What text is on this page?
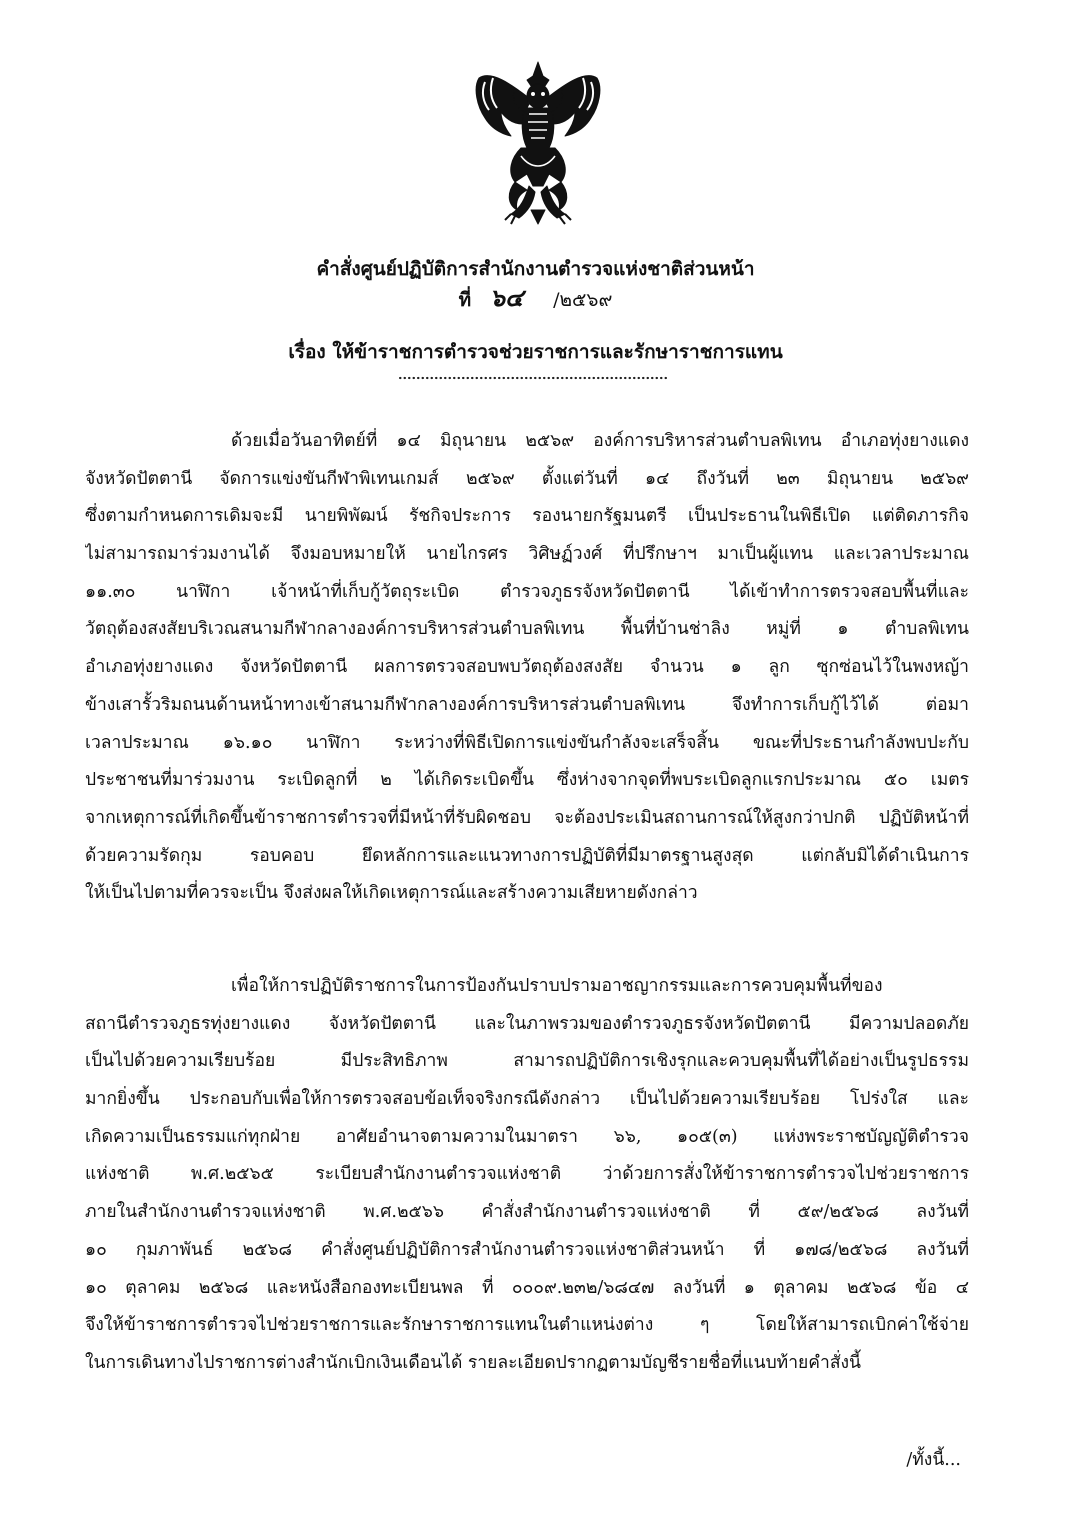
คำสั่งศูนย์ปฏิบัติการสำนักงานตำรวจแห่งชาติส่วนหน้า
ที่ ๖๔ /๒๕๖๙
เรื่อง ให้ข้าราชการตำรวจช่วยราชการและรักษาราชการแทน
ด้วยเมื่อวันอาทิตย์ที่ ๑๔ มิถุนายน ๒๕๖๙ องค์การบริหารส่วนตำบลพิเทน อำเภอทุ่งยางแดง
จังหวัดปัตตานี จัดการแข่งขันกีฬาพิเทนเกมส์ ๒๕๖๙ ตั้งแต่วันที่ ๑๔ ถึงวันที่ ๒๓ มิถุนายน ๒๕๖๙
ซึ่งตามกำหนดการเดิมจะมี นายพิพัฒน์ รัชกิจประการ รองนายกรัฐมนตรี เป็นประธานในพิธีเปิด แต่ติดภารกิจ
ไม่สามารถมาร่วมงานได้ จึงมอบหมายให้ นายไกรศร วิศิษฏ์วงศ์ ที่ปรึกษาฯ มาเป็นผู้แทน และเวลาประมาณ
๑๑.๓๐ นาฬิกา เจ้าหน้าที่เก็บกู้วัตถุระเบิด ตำรวจภูธรจังหวัดปัตตานี ได้เข้าทำการตรวจสอบพื้นที่และ
วัตถุต้องสงสัยบริเวณสนามกีฬากลางองค์การบริหารส่วนตำบลพิเทน พื้นที่บ้านช่าลิง หมู่ที่ ๑ ตำบลพิเทน
อำเภอทุ่งยางแดง จังหวัดปัตตานี ผลการตรวจสอบพบวัตถุต้องสงสัย จำนวน ๑ ลูก ซุกซ่อนไว้ในพงหญ้า
ข้างเสารั้วริมถนนด้านหน้าทางเข้าสนามกีฬากลางองค์การบริหารส่วนตำบลพิเทน จึงทำการเก็บกู้ไว้ได้ ต่อมา
เวลาประมาณ ๑๖.๑๐ นาฬิกา ระหว่างที่พิธีเปิดการแข่งขันกำลังจะเสร็จสิ้น ขณะที่ประธานกำลังพบปะกับ
ประชาชนที่มาร่วมงาน ระเบิดลูกที่ ๒ ได้เกิดระเบิดขึ้น ซึ่งห่างจากจุดที่พบระเบิดลูกแรกประมาณ ๕๐ เมตร
จากเหตุการณ์ที่เกิดขึ้นข้าราชการตำรวจที่มีหน้าที่รับผิดชอบ จะต้องประเมินสถานการณ์ให้สูงกว่าปกติ ปฏิบัติหน้าที่
ด้วยความรัดกุม รอบคอบ ยึดหลักการและแนวทางการปฏิบัติที่มีมาตรฐานสูงสุด แต่กลับมิได้ดำเนินการ
ให้เป็นไปตามที่ควรจะเป็น จึงส่งผลให้เกิดเหตุการณ์และสร้างความเสียหายดังกล่าว
เพื่อให้การปฏิบัติราชการในการป้องกันปราบปรามอาชญากรรมและการควบคุมพื้นที่ของ
สถานีตำรวจภูธรทุ่งยางแดง จังหวัดปัตตานี และในภาพรวมของตำรวจภูธรจังหวัดปัตตานี มีความปลอดภัย
เป็นไปด้วยความเรียบร้อย มีประสิทธิภาพ สามารถปฏิบัติการเชิงรุกและควบคุมพื้นที่ได้อย่างเป็นรูปธรรม
มากยิ่งขึ้น ประกอบกับเพื่อให้การตรวจสอบข้อเท็จจริงกรณีดังกล่าว เป็นไปด้วยความเรียบร้อย โปร่งใส และ
เกิดความเป็นธรรมแก่ทุกฝ่าย อาศัยอำนาจตามความในมาตรา ๖๖, ๑๐๕(๓) แห่งพระราชบัญญัติตำรวจ
แห่งชาติ พ.ศ.๒๕๖๕ ระเบียบสำนักงานตำรวจแห่งชาติ ว่าด้วยการสั่งให้ข้าราชการตำรวจไปช่วยราชการ
ภายในสำนักงานตำรวจแห่งชาติ พ.ศ.๒๕๖๖ คำสั่งสำนักงานตำรวจแห่งชาติ ที่ ๕๙/๒๕๖๘ ลงวันที่
๑๐ กุมภาพันธ์ ๒๕๖๘ คำสั่งศูนย์ปฏิบัติการสำนักงานตำรวจแห่งชาติส่วนหน้า ที่ ๑๗๘/๒๕๖๘ ลงวันที่
๑๐ ตุลาคม ๒๕๖๘ และหนังสือกองทะเบียนพล ที่ ๐๐๐๙.๒๓๒/๖๘๔๗ ลงวันที่ ๑ ตุลาคม ๒๕๖๘ ข้อ ๔
จึงให้ข้าราชการตำรวจไปช่วยราชการและรักษาราชการแทนในตำแหน่งต่าง ๆ โดยให้สามารถเบิกค่าใช้จ่าย
ในการเดินทางไปราชการต่างสำนักเบิกเงินเดือนได้ รายละเอียดปรากฏตามบัญชีรายชื่อที่แนบท้ายคำสั่งนี้
/ทั้งนี้...
